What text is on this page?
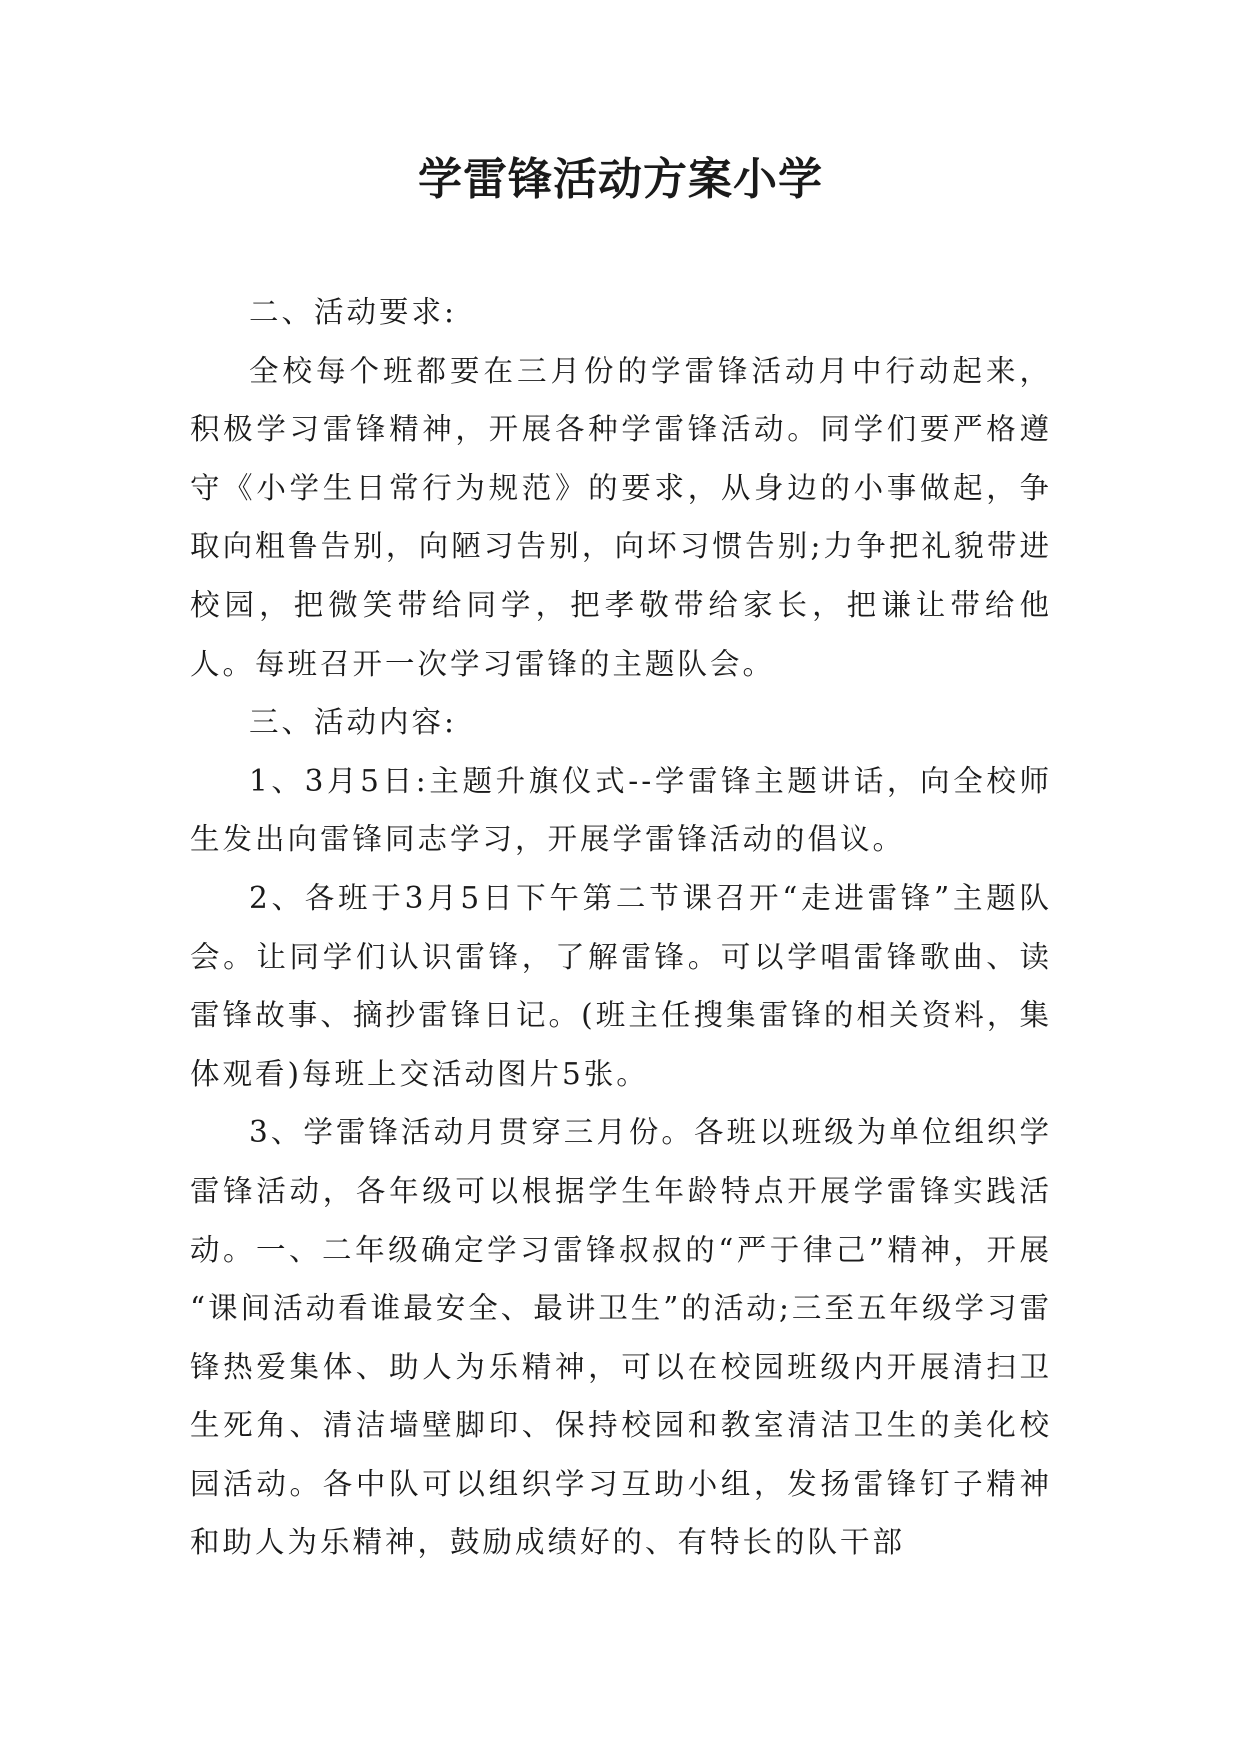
学雷锋活动方案小学

二、活动要求:

全校每个班都要在三月份的学雷锋活动月中行动起来，积极学习雷锋精神，开展各种学雷锋活动。同学们要严格遵守《小学生日常行为规范》的要求，从身边的小事做起，争取向粗鲁告别，向陋习告别，向坏习惯告别;力争把礼貌带进校园，把微笑带给同学，把孝敬带给家长，把谦让带给他人。每班召开一次学习雷锋的主题队会。

三、活动内容:

1、3月5日:主题升旗仪式--学雷锋主题讲话，向全校师生发出向雷锋同志学习，开展学雷锋活动的倡议。

2、各班于3月5日下午第二节课召开“走进雷锋”主题队会。让同学们认识雷锋，了解雷锋。可以学唱雷锋歌曲、读雷锋故事、摘抄雷锋日记。(班主任搜集雷锋的相关资料，集体观看)每班上交活动图片5张。

3、学雷锋活动月贯穿三月份。各班以班级为单位组织学雷锋活动，各年级可以根据学生年龄特点开展学雷锋实践活动。一、二年级确定学习雷锋叔叔的“严于律己”精神，开展 “课间活动看谁最安全、最讲卫生”的活动;三至五年级学习雷锋热爱集体、助人为乐精神，可以在校园班级内开展清扫卫生死角、清洁墙壁脚印、保持校园和教室清洁卫生的美化校园活动。各中队可以组织学习互助小组，发扬雷锋钉子精神和助人为乐精神，鼓励成绩好的、有特长的队干部
